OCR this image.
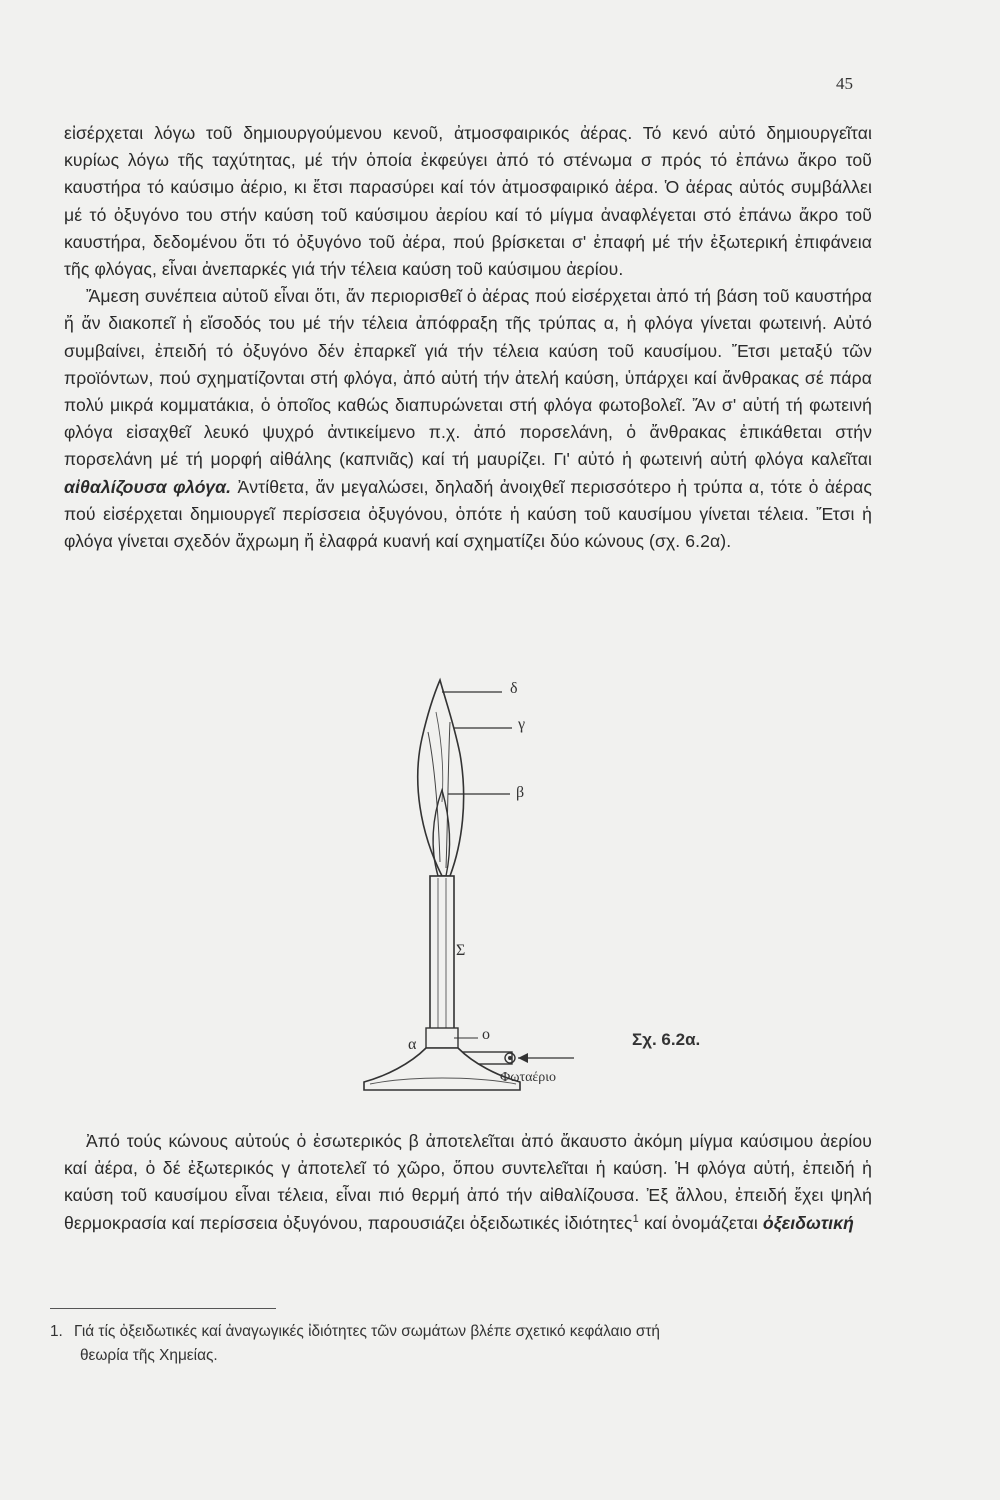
45

εἰσέρχεται λόγω τοῦ δημιουργούμενου κενοῦ, ἀτμοσφαιρικός ἀέρας. Τό κενό αὐτό δημιουργεῖται κυρίως λόγω τῆς ταχύτητας, μέ τήν ὁποία ἐκφεύγει ἀπό τό στένωμα σ πρός τό ἐπάνω ἄκρο τοῦ καυστήρα τό καύσιμο ἀέριο, κι ἔτσι παρασύρει καί τόν ἀτμοσφαιρικό ἀέρα. Ὁ ἀέρας αὐτός συμβάλλει μέ τό ὀξυγόνο του στήν καύση τοῦ καύσιμου ἀερίου καί τό μίγμα ἀναφλέγεται στό ἐπάνω ἄκρο τοῦ καυστήρα, δεδομένου ὅτι τό ὀξυγόνο τοῦ ἀέρα, πού βρίσκεται σ' ἐπαφή μέ τήν ἐξωτερική ἐπιφάνεια τῆς φλόγας, εἶναι ἀνεπαρκές γιά τήν τέλεια καύση τοῦ καύσιμου ἀερίου.

Ἄμεση συνέπεια αὐτοῦ εἶναι ὅτι, ἄν περιορισθεῖ ὁ ἀέρας πού εἰσέρχεται ἀπό τή βάση τοῦ καυστήρα ἤ ἄν διακοπεῖ ἡ εἴσοδός του μέ τήν τέλεια ἀπόφραξη τῆς τρύπας α, ἡ φλόγα γίνεται φωτεινή. Αὐτό συμβαίνει, ἐπειδή τό ὀξυγόνο δέν ἐπαρκεῖ γιά τήν τέλεια καύση τοῦ καυσίμου. Ἔτσι μεταξύ τῶν προϊόντων, πού σχηματίζονται στή φλόγα, ἀπό αὐτή τήν ἀτελή καύση, ὑπάρχει καί ἄνθρακας σέ πάρα πολύ μικρά κομματάκια, ὁ ὁποῖος καθώς διαπυρώνεται στή φλόγα φωτοβολεῖ. Ἄν σ' αὐτή τή φωτεινή φλόγα εἰσαχθεῖ λευκό ψυχρό ἀντικείμενο π.χ. ἀπό πορσελάνη, ὁ ἄνθρακας ἐπικάθεται στήν πορσελάνη μέ τή μορφή αἰθάλης (καπνιᾶς) καί τή μαυρίζει. Γι' αὐτό ἡ φωτεινή αὐτή φλόγα καλεῖται αἰθαλίζουσα φλόγα. Ἀντίθετα, ἄν μεγαλώσει, δηλαδή ἀνοιχθεῖ περισσότερο ἡ τρύπα α, τότε ὁ ἀέρας πού εἰσέρχεται δημιουργεῖ περίσσεια ὀξυγόνου, ὁπότε ἡ καύση τοῦ καυσίμου γίνεται τέλεια. Ἔτσι ἡ φλόγα γίνεται σχεδόν ἄχρωμη ἤ ἐλαφρά κυανή καί σχηματίζει δύο κώνους (σχ. 6.2α).

δ
γ
β
Σ
ο
α
Φωταέριο
Σχ. 6.2α.

Ἀπό τούς κώνους αὐτούς ὁ ἐσωτερικός β ἀποτελεῖται ἀπό ἄκαυστο ἀκόμη μίγμα καύσιμου ἀερίου καί ἀέρα, ὁ δέ ἐξωτερικός γ ἀποτελεῖ τό χῶρο, ὅπου συντελεῖται ἡ καύση. Ἡ φλόγα αὐτή, ἐπειδή ἡ καύση τοῦ καυσίμου εἶναι τέλεια, εἶναι πιό θερμή ἀπό τήν αἰθαλίζουσα. Ἐξ ἄλλου, ἐπειδή ἔχει ψηλή θερμοκρασία καί περίσσεια ὀξυγόνου, παρουσιάζει ὀξειδωτικές ἰδιότητες$^1$ καί ὀνομάζεται ὀξειδωτική

1. Γιά τίς ὀξειδωτικές καί ἀναγωγικές ἰδιότητες τῶν σωμάτων βλέπε σχετικό κεφάλαιο στή
θεωρία τῆς Χημείας.
